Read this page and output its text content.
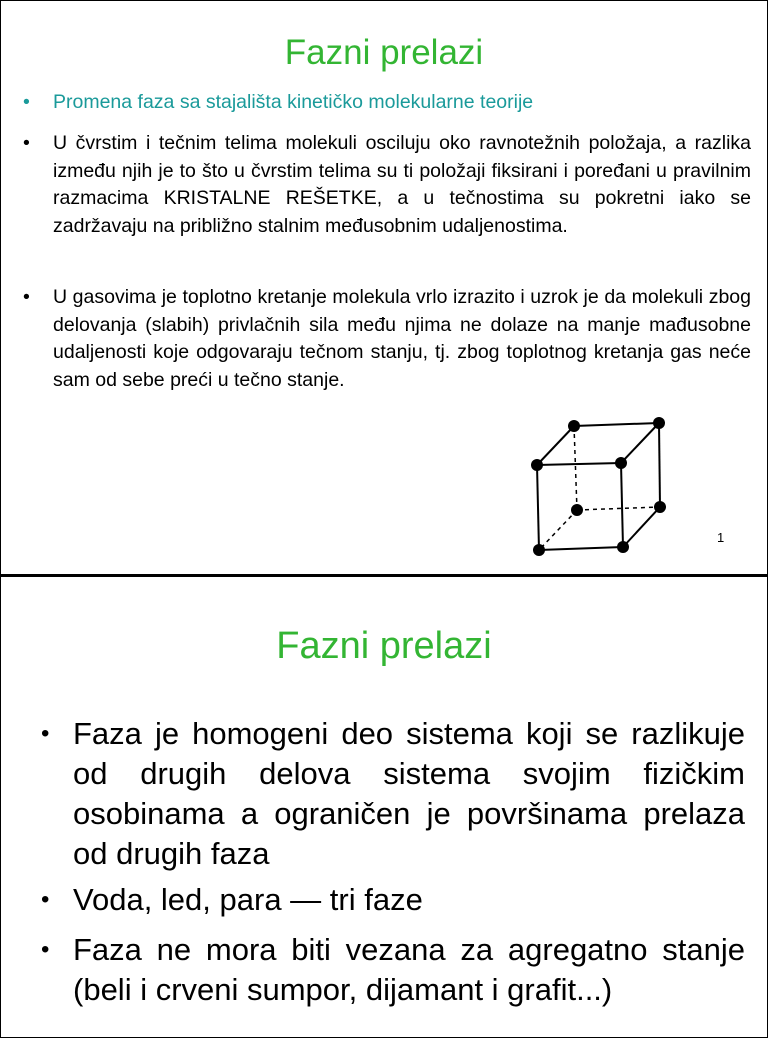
Fazni prelazi
• Promena faza sa stajališta kinetičko molekularne teorije
• U čvrstim i tečnim telima molekuli osciluju oko ravnotežnih položaja, a razlika između njih je to što u čvrstim telima su ti položaji fiksirani i poređani u pravilnim razmacima KRISTALNE REŠETKE, a u tečnostima su pokretni iako se zadržavaju na približno stalnim međusobnim udaljenostima.
• U gasovima je toplotno kretanje molekula vrlo izrazito i uzrok je da molekuli zbog delovanja (slabih) privlačnih sila među njima ne dolaze na manje mađusobne udaljenosti koje odgovaraju tečnom stanju, tj. zbog toplotnog kretanja gas neće sam od sebe preći u tečno stanje.
1
Fazni prelazi
• Faza je homogeni deo sistema koji se razlikuje od drugih delova sistema svojim fizičkim osobinama a ograničen je površinama prelaza od drugih faza
• Voda, led, para — tri faze
• Faza ne mora biti vezana za agregatno stanje (beli i crveni sumpor, dijamant i grafit...)
